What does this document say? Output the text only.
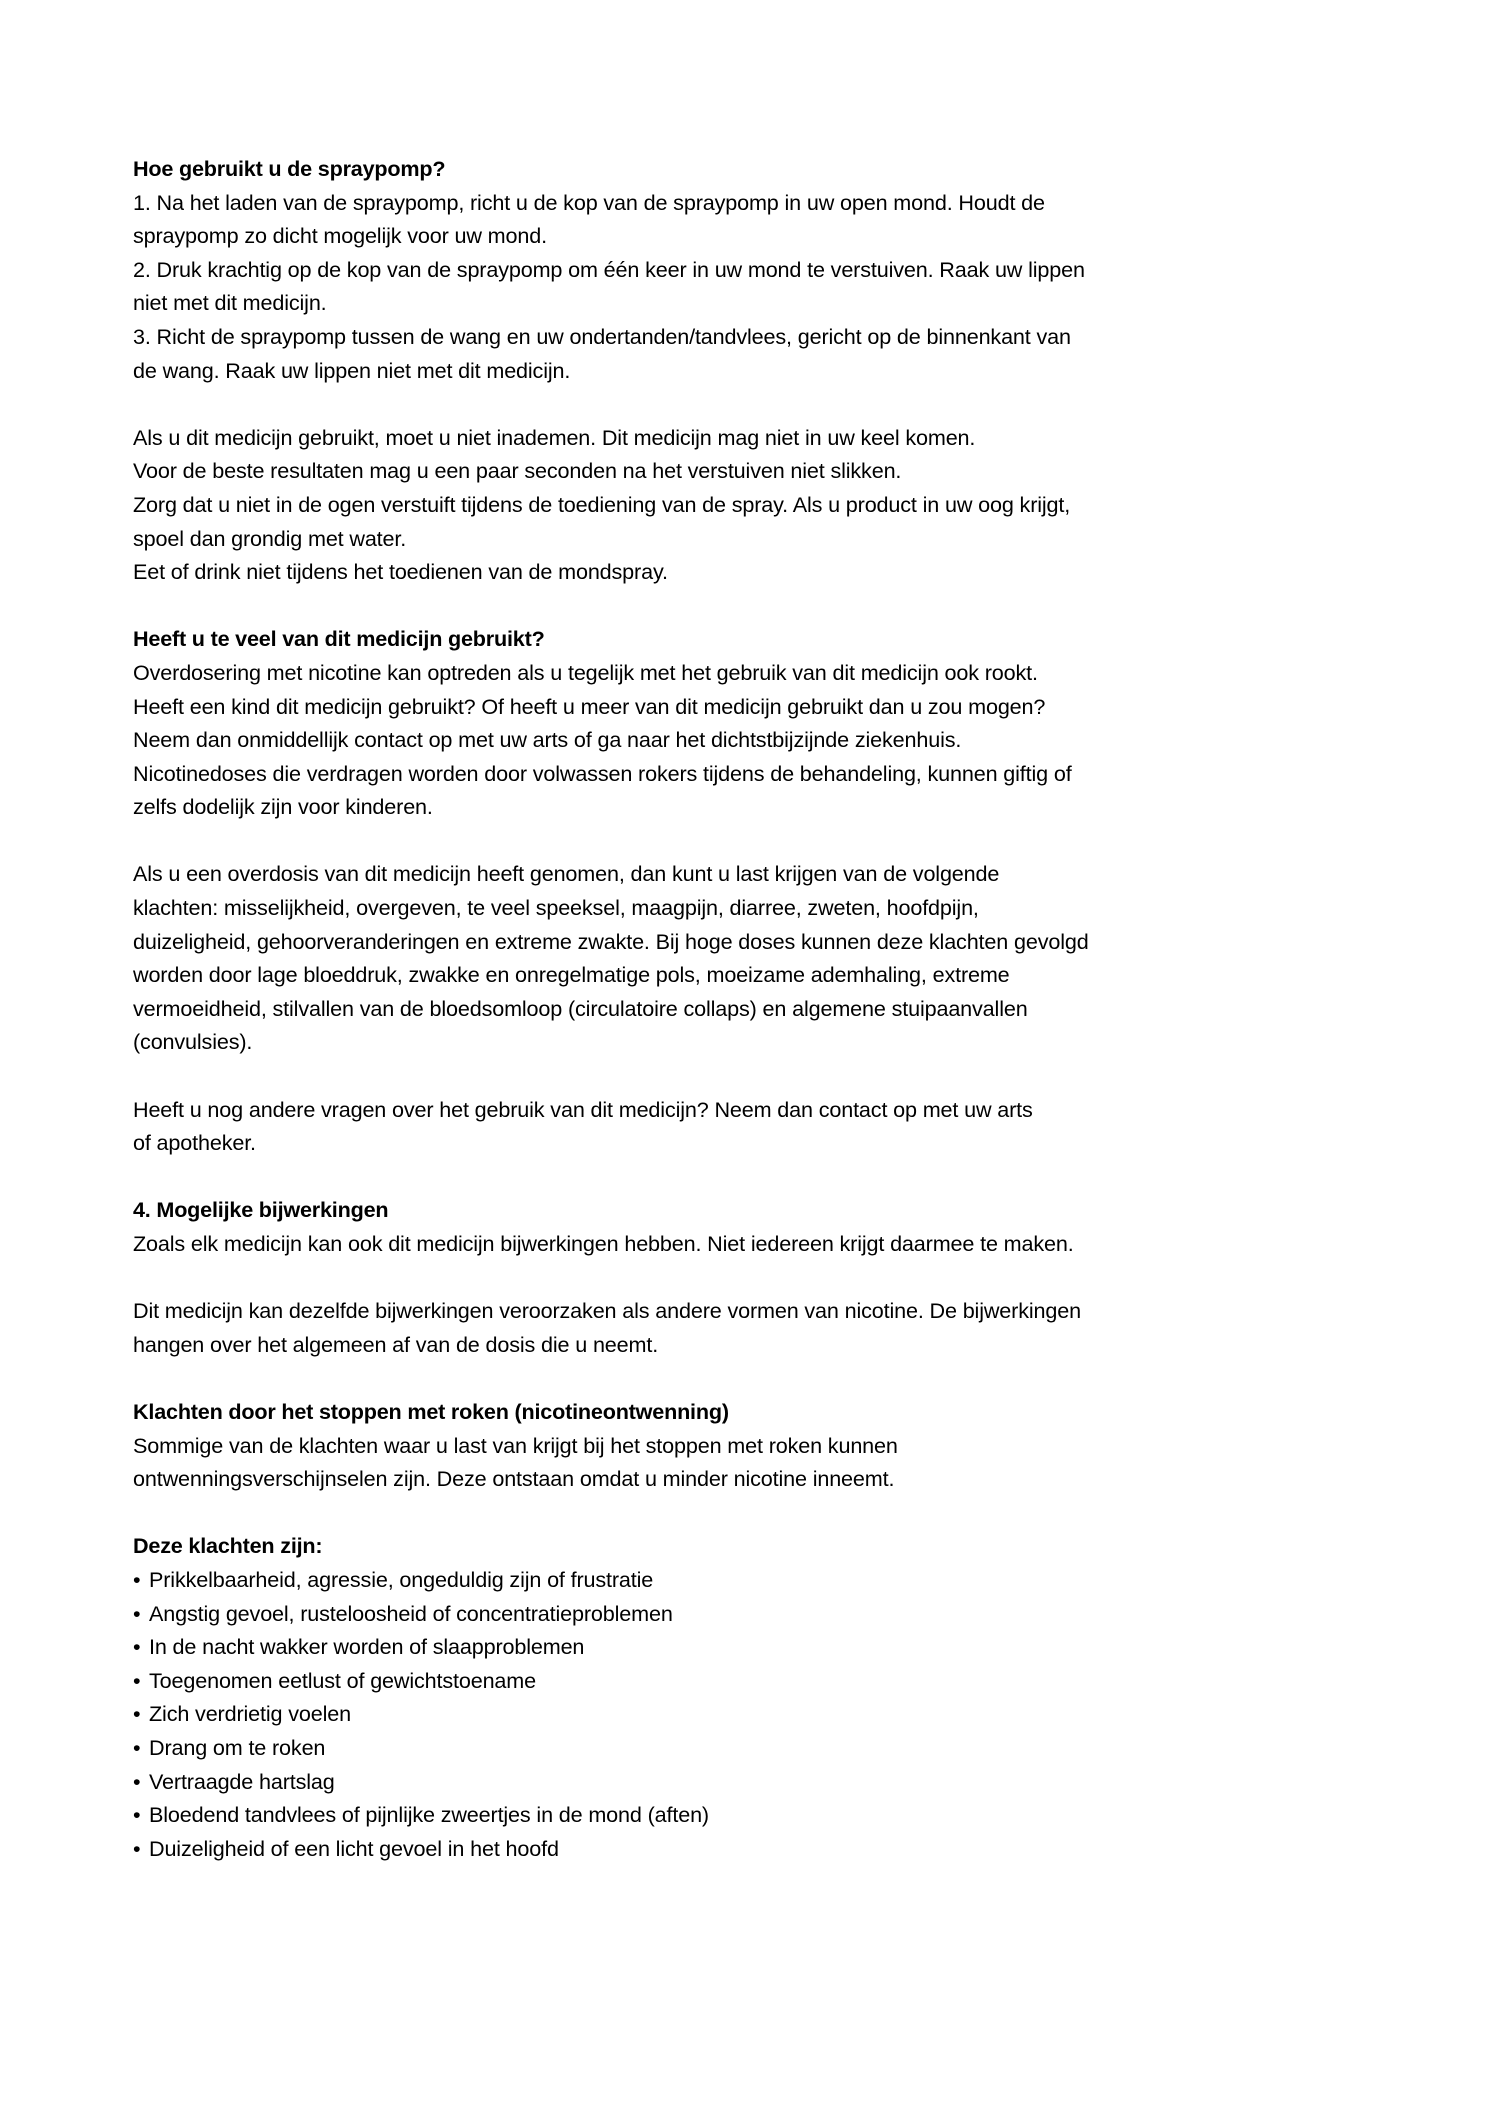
Hoe gebruikt u de spraypomp?
1. Na het laden van de spraypomp, richt u de kop van de spraypomp in uw open mond. Houdt de
spraypomp zo dicht mogelijk voor uw mond.
2. Druk krachtig op de kop van de spraypomp om één keer in uw mond te verstuiven. Raak uw lippen
niet met dit medicijn.
3. Richt de spraypomp tussen de wang en uw ondertanden/tandvlees, gericht op de binnenkant van
de wang. Raak uw lippen niet met dit medicijn.
Als u dit medicijn gebruikt, moet u niet inademen. Dit medicijn mag niet in uw keel komen.
Voor de beste resultaten mag u een paar seconden na het verstuiven niet slikken.
Zorg dat u niet in de ogen verstuift tijdens de toediening van de spray. Als u product in uw oog krijgt,
spoel dan grondig met water.
Eet of drink niet tijdens het toedienen van de mondspray.
Heeft u te veel van dit medicijn gebruikt?
Overdosering met nicotine kan optreden als u tegelijk met het gebruik van dit medicijn ook rookt.
Heeft een kind dit medicijn gebruikt? Of heeft u meer van dit medicijn gebruikt dan u zou mogen?
Neem dan onmiddellijk contact op met uw arts of ga naar het dichtstbijzijnde ziekenhuis.
Nicotinedoses die verdragen worden door volwassen rokers tijdens de behandeling, kunnen giftig of
zelfs dodelijk zijn voor kinderen.
Als u een overdosis van dit medicijn heeft genomen, dan kunt u last krijgen van de volgende
klachten: misselijkheid, overgeven, te veel speeksel, maagpijn, diarree, zweten, hoofdpijn,
duizeligheid, gehoorveranderingen en extreme zwakte. Bij hoge doses kunnen deze klachten gevolgd
worden door lage bloeddruk, zwakke en onregelmatige pols, moeizame ademhaling, extreme
vermoeidheid, stilvallen van de bloedsomloop (circulatoire collaps) en algemene stuipaanvallen
(convulsies).
Heeft u nog andere vragen over het gebruik van dit medicijn? Neem dan contact op met uw arts
of apotheker.
4. Mogelijke bijwerkingen
Zoals elk medicijn kan ook dit medicijn bijwerkingen hebben. Niet iedereen krijgt daarmee te maken.
Dit medicijn kan dezelfde bijwerkingen veroorzaken als andere vormen van nicotine. De bijwerkingen
hangen over het algemeen af van de dosis die u neemt.
Klachten door het stoppen met roken (nicotineontwenning)
Sommige van de klachten waar u last van krijgt bij het stoppen met roken kunnen
ontwenningsverschijnselen zijn. Deze ontstaan omdat u minder nicotine inneemt.
Deze klachten zijn:
• Prikkelbaarheid, agressie, ongeduldig zijn of frustratie
• Angstig gevoel, rusteloosheid of concentratieproblemen
• In de nacht wakker worden of slaapproblemen
• Toegenomen eetlust of gewichtstoename
• Zich verdrietig voelen
• Drang om te roken
• Vertraagde hartslag
• Bloedend tandvlees of pijnlijke zweertjes in de mond (aften)
• Duizeligheid of een licht gevoel in het hoofd
